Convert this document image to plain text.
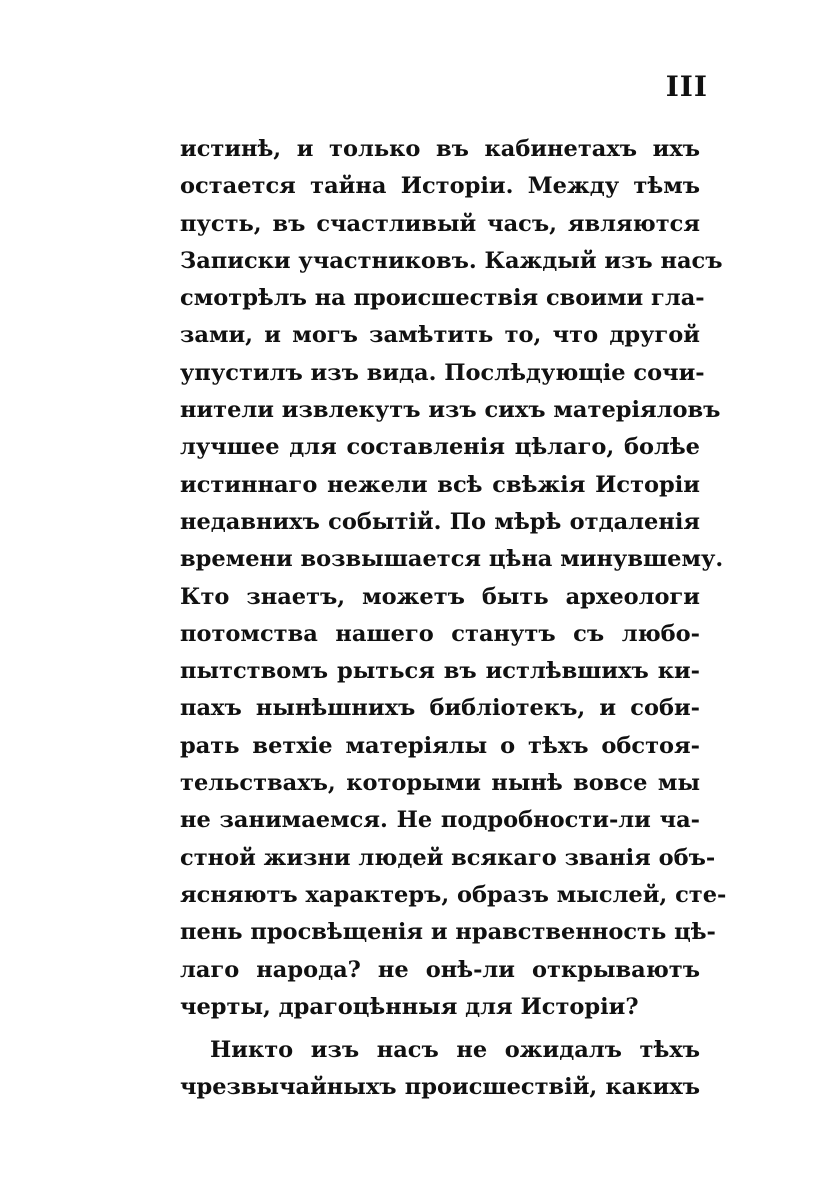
III
истинѣ, и только въ кабинетахъ ихъ
остается тайна Исторіи. Между тѣмъ
пусть, въ счастливый часъ, являются
Записки участниковъ. Каждый изъ насъ
смотрѣлъ на происшествія своими гла-
зами, и могъ замѣтить то, что другой
упустилъ изъ вида. Послѣдующіе сочи-
нители извлекутъ изъ сихъ матеріяловъ
лучшее для составленія цѣлаго, болѣе
истиннаго нежели всѣ свѣжія Исторіи
недавнихъ событій. По мѣрѣ отдаленія
времени возвышается цѣна минувшему.
Кто знаетъ, можетъ быть археологи
потомства нашего станутъ съ любо-
пытствомъ рыться въ истлѣвшихъ ки-
пахъ нынѣшнихъ библіотекъ, и соби-
рать ветхіе матеріялы о тѣхъ обстоя-
тельствахъ, которыми нынѣ вовсе мы
не занимаемся. Не подробности-ли ча-
стной жизни людей всякаго званія объ-
ясняютъ характеръ, образъ мыслей, сте-
пень просвѣщенія и нравственность цѣ-
лаго народа? не онѣ-ли открываютъ
черты, драгоцѣнныя для Исторіи?
Никто изъ насъ не ожидалъ тѣхъ
чрезвычайныхъ происшествій, какихъ
